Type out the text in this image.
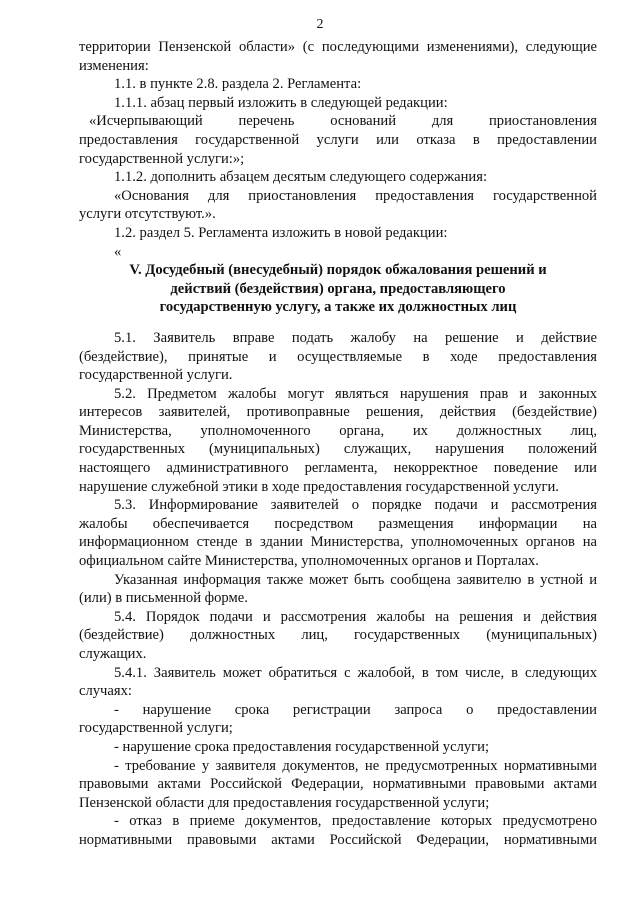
2
территории Пензенской области» (с последующими изменениями), следующие
изменения:
1.1. в пункте 2.8. раздела 2. Регламента:
1.1.1. абзац первый изложить в следующей редакции:
«Исчерпывающий перечень оснований для приостановления
предоставления государственной услуги или отказа в предоставлении
государственной услуги:»;
1.1.2. дополнить абзацем десятым следующего содержания:
«Основания для приостановления предоставления государственной
услуги отсутствуют.».
1.2. раздел 5. Регламента изложить в новой редакции:
«
V. Досудебный (внесудебный) порядок обжалования решений и
действий (бездействия) органа, предоставляющего
государственную услугу, а также их должностных лиц
5.1. Заявитель вправе подать жалобу на решение и действие
(бездействие), принятые и осуществляемые в ходе предоставления
государственной услуги.
5.2. Предметом жалобы могут являться нарушения прав и законных
интересов заявителей, противоправные решения, действия (бездействие)
Министерства, уполномоченного органа, их должностных лиц,
государственных (муниципальных) служащих, нарушения положений
настоящего административного регламента, некорректное поведение или
нарушение служебной этики в ходе предоставления государственной услуги.
5.3. Информирование заявителей о порядке подачи и рассмотрения
жалобы обеспечивается посредством размещения информации на
информационном стенде в здании Министерства, уполномоченных органов на
официальном сайте Министерства, уполномоченных органов и Порталах.
Указанная информация также может быть сообщена заявителю в устной и
(или) в письменной форме.
5.4. Порядок подачи и рассмотрения жалобы на решения и действия
(бездействие) должностных лиц, государственных (муниципальных)
служащих.
5.4.1. Заявитель может обратиться с жалобой, в том числе, в следующих
случаях:
- нарушение срока регистрации запроса о предоставлении
государственной услуги;
- нарушение срока предоставления государственной услуги;
- требование у заявителя документов, не предусмотренных нормативными
правовыми актами Российской Федерации, нормативными правовыми актами
Пензенской области для предоставления государственной услуги;
- отказ в приеме документов, предоставление которых предусмотрено
нормативными правовыми актами Российской Федерации, нормативными
